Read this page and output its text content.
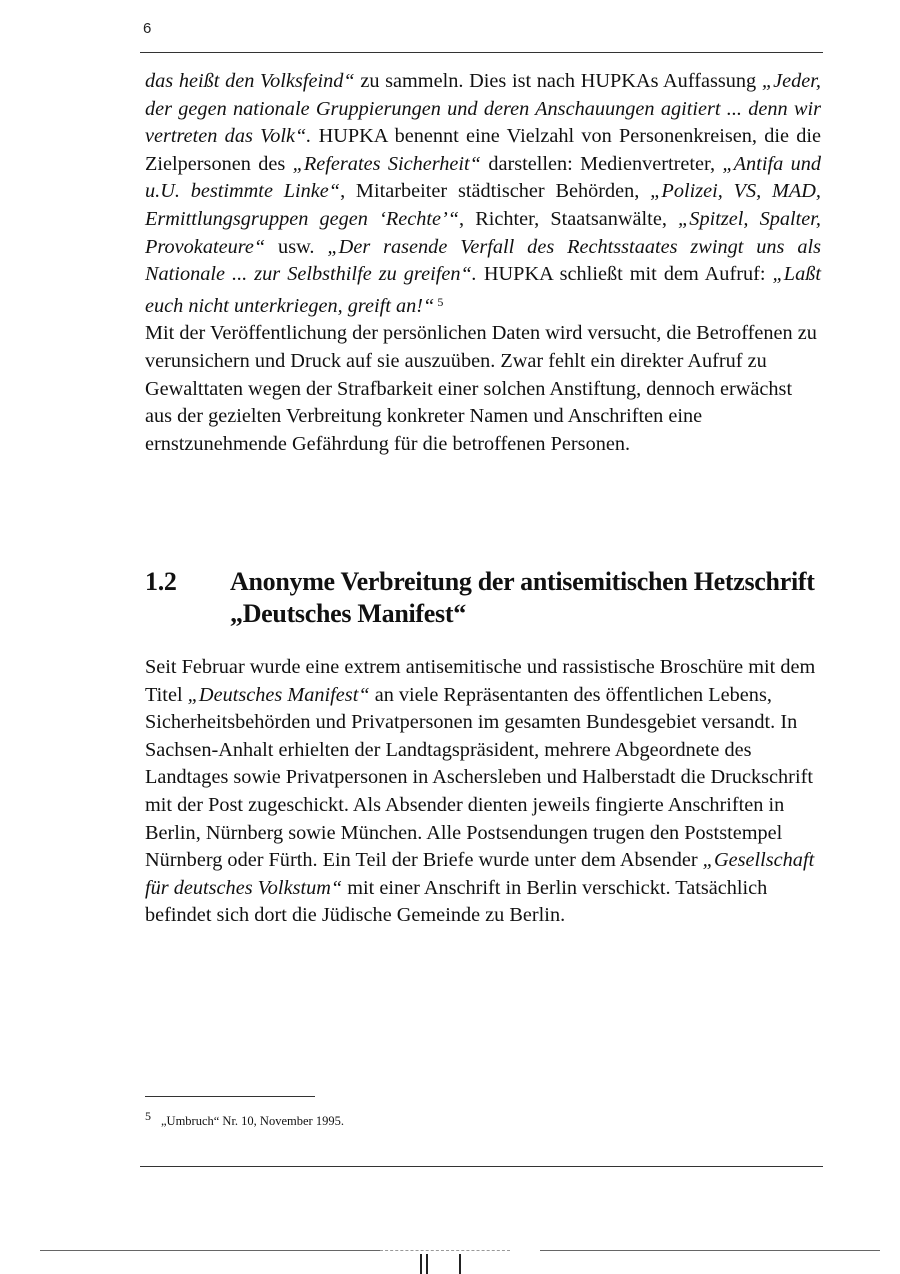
6

das heißt den Volksfeind“ zu sammeln. Dies ist nach HUPKAs Auffassung „Jeder, der gegen nationale Gruppierungen und deren Anschauungen agitiert ... denn wir vertreten das Volk“. HUPKA benennt eine Vielzahl von Personenkreisen, die die Zielpersonen des „Referates Sicherheit“ darstellen: Medienvertreter, „Antifa und u.U. bestimmte Linke“, Mitarbeiter städtischer Behörden, „Polizei, VS, MAD, Ermittlungsgruppen gegen ‘Rechte’“, Richter, Staatsanwälte, „Spitzel, Spalter, Provokateure“ usw. „Der rasende Verfall des Rechtsstaates zwingt uns als Nationale ... zur Selbsthilfe zu greifen“. HUPKA schließt mit dem Aufruf: „Laßt euch nicht unterkriegen, greift an!“ $^5$

Mit der Veröffentlichung der persönlichen Daten wird versucht, die Betroffenen zu verunsichern und Druck auf sie auszuüben. Zwar fehlt ein direkter Aufruf zu Gewalttaten wegen der Strafbarkeit einer solchen Anstiftung, dennoch erwächst aus der gezielten Verbreitung konkreter Namen und Anschriften eine ernstzunehmende Gefährdung für die betroffenen Personen.

1.2 Anonyme Verbreitung der antisemitischen Hetzschrift „Deutsches Manifest“

Seit Februar wurde eine extrem antisemitische und rassistische Broschüre mit dem Titel „Deutsches Manifest“ an viele Repräsentanten des öffentlichen Lebens, Sicherheitsbehörden und Privatpersonen im gesamten Bundesgebiet versandt. In Sachsen-Anhalt erhielten der Landtagspräsident, mehrere Abgeordnete des Landtages sowie Privatpersonen in Aschersleben und Halberstadt die Druckschrift mit der Post zugeschickt. Als Absender dienten jeweils fingierte Anschriften in Berlin, Nürnberg sowie München. Alle Postsendungen trugen den Poststempel Nürnberg oder Fürth. Ein Teil der Briefe wurde unter dem Absender „Gesellschaft für deutsches Volkstum“ mit einer Anschrift in Berlin verschickt. Tatsächlich befindet sich dort die Jüdische Gemeinde zu Berlin.

5 „Umbruch“ Nr. 10, November 1995.
